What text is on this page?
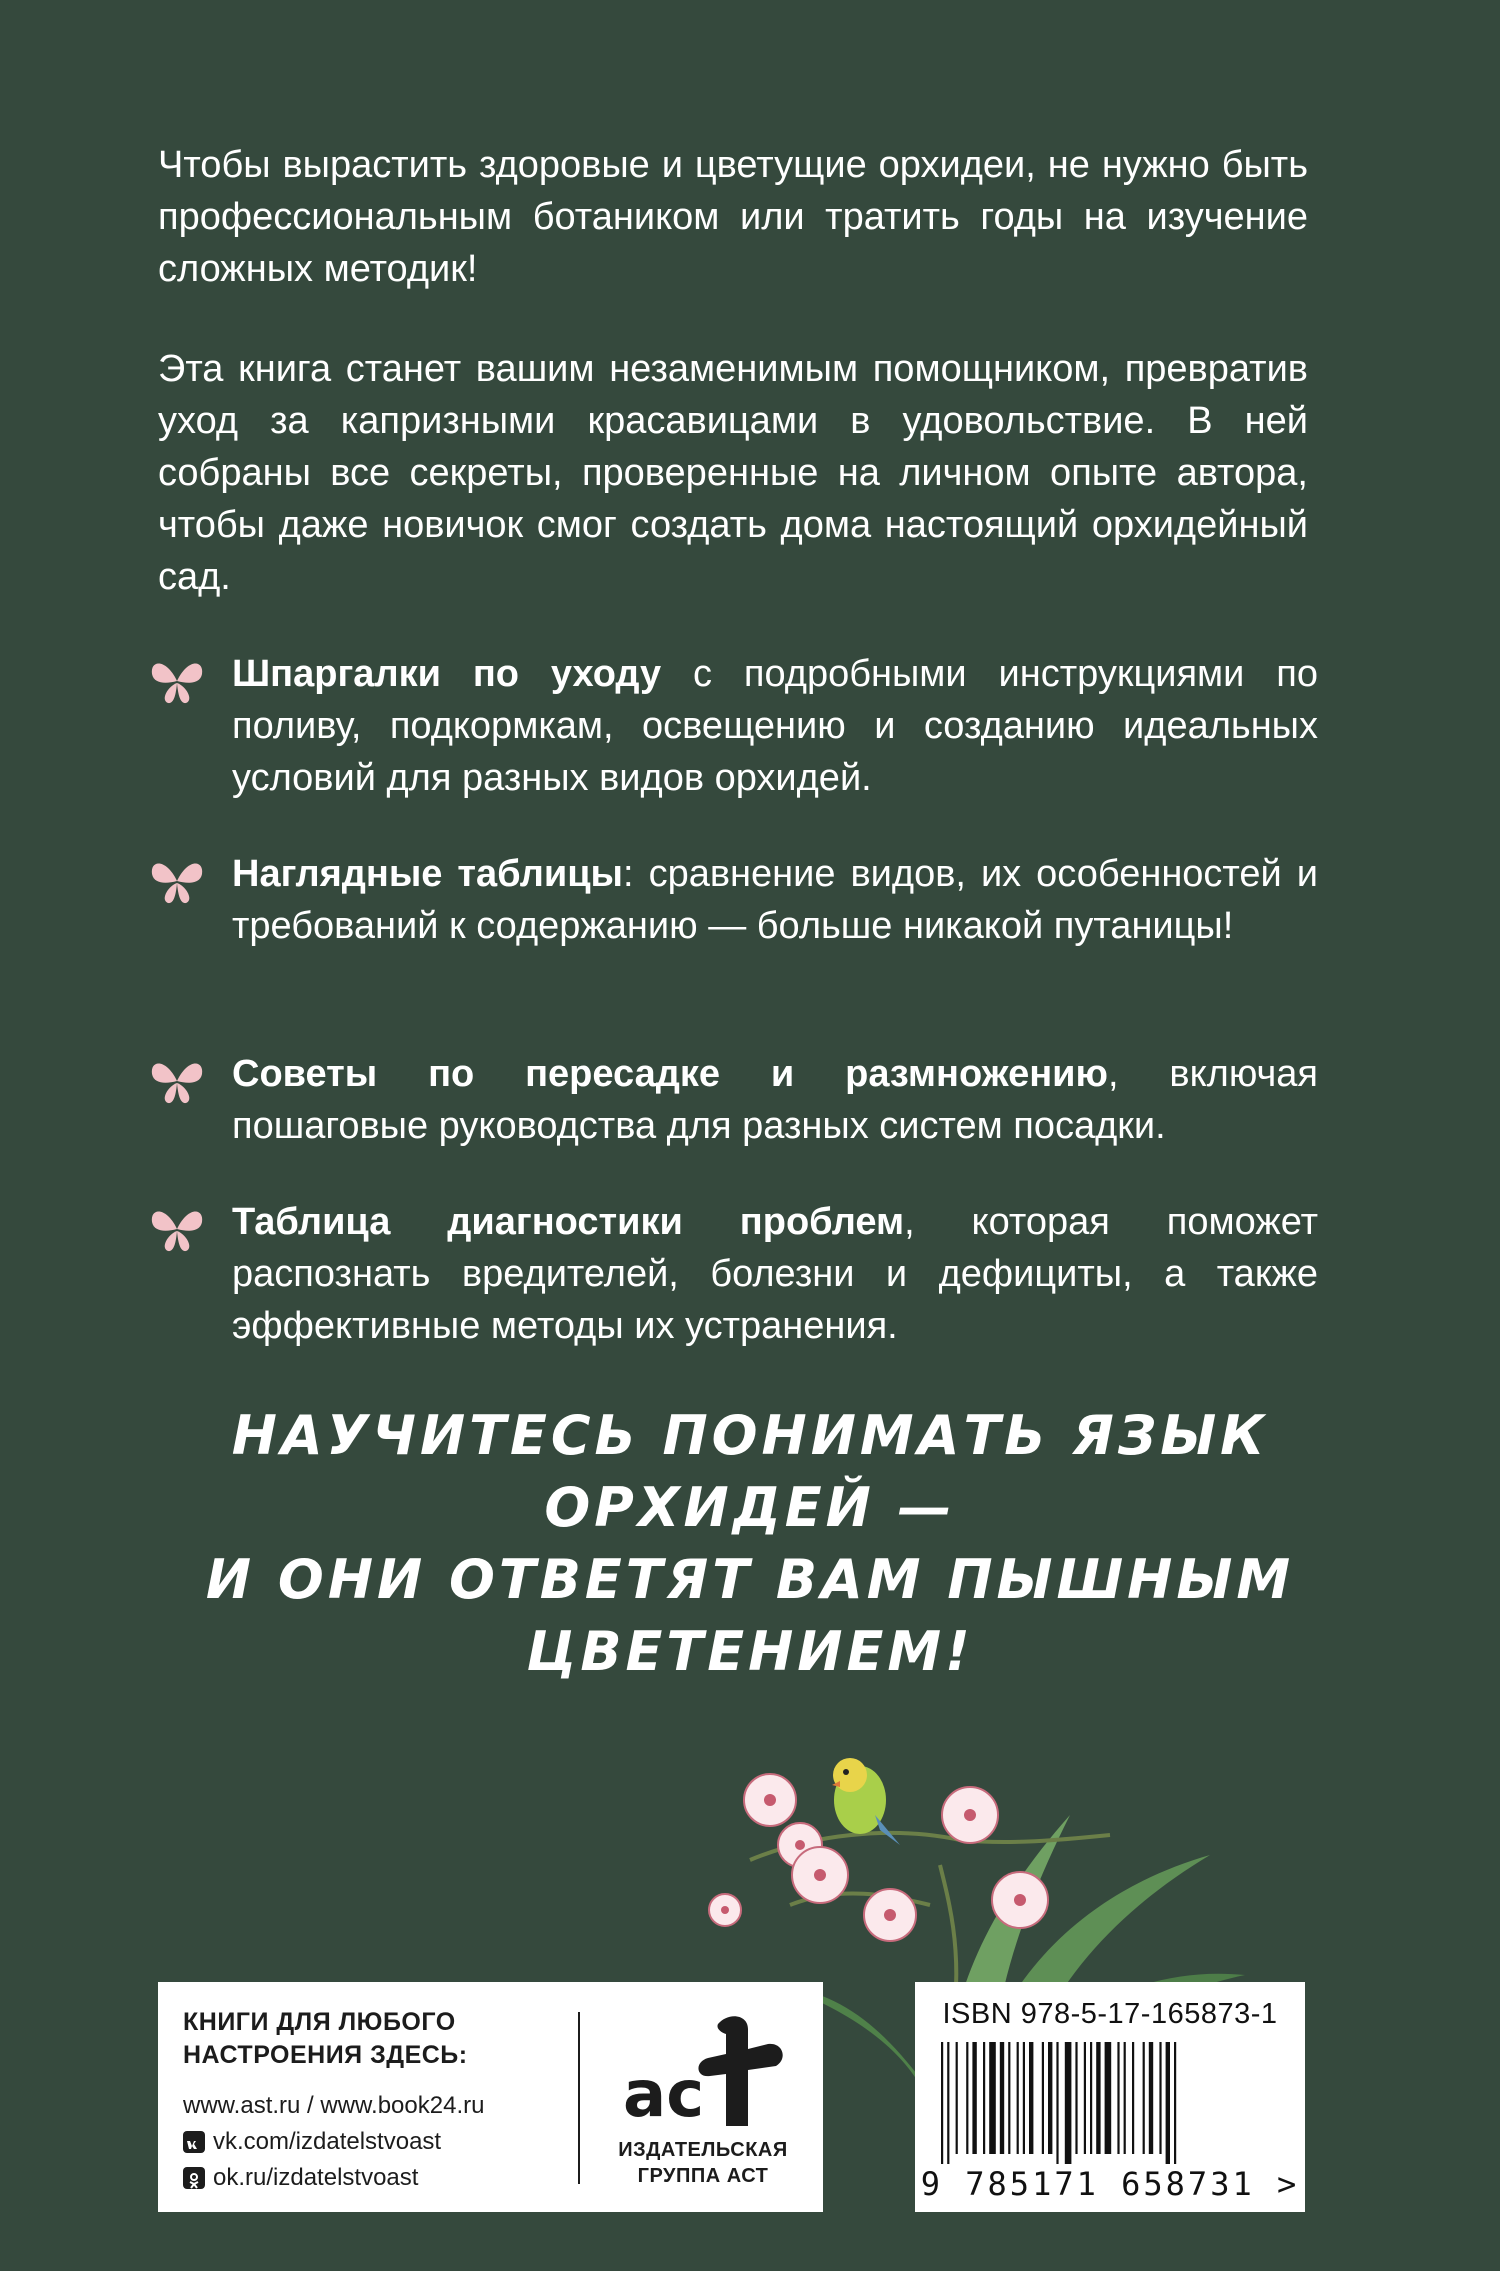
Чтобы вырастить здоровые и цветущие орхидеи, не нужно быть профессиональным ботаником или тратить годы на изучение сложных методик!

Эта книга станет вашим незаменимым помощником, превратив уход за капризными красавицами в удовольствие. В ней собраны все секреты, проверенные на личном опыте автора, чтобы даже новичок смог создать дома настоящий орхидейный сад.

Шпаргалки по уходу с подробными инструкциями по поливу, подкормкам, освещению и созданию идеальных условий для разных видов орхидей.
Наглядные таблицы: сравнение видов, их особенностей и требований к содержанию — больше никакой путаницы!
Советы по пересадке и размножению, включая пошаговые руководства для разных систем посадки.
Таблица диагностики проблем, которая поможет распознать вредителей, болезни и дефициты, а также эффективные методы их устранения.
НАУЧИТЕСЬ ПОНИМАТЬ ЯЗЫК ОРХИДЕЙ —
И ОНИ ОТВЕТЯТ ВАМ ПЫШНЫМ
ЦВЕТЕНИЕМ!
КНИГИ ДЛЯ ЛЮБОГО
НАСТРОЕНИЯ ЗДЕСЬ:
www.ast.ru / www.book24.ru
vk.com/izdatelstvoast
ok.ru/izdatelstvoast
ас
ИЗДАТЕЛЬСКАЯ
ГРУППА АСТ
ISBN 978-5-17-165873-1
9 785171 658731 >
